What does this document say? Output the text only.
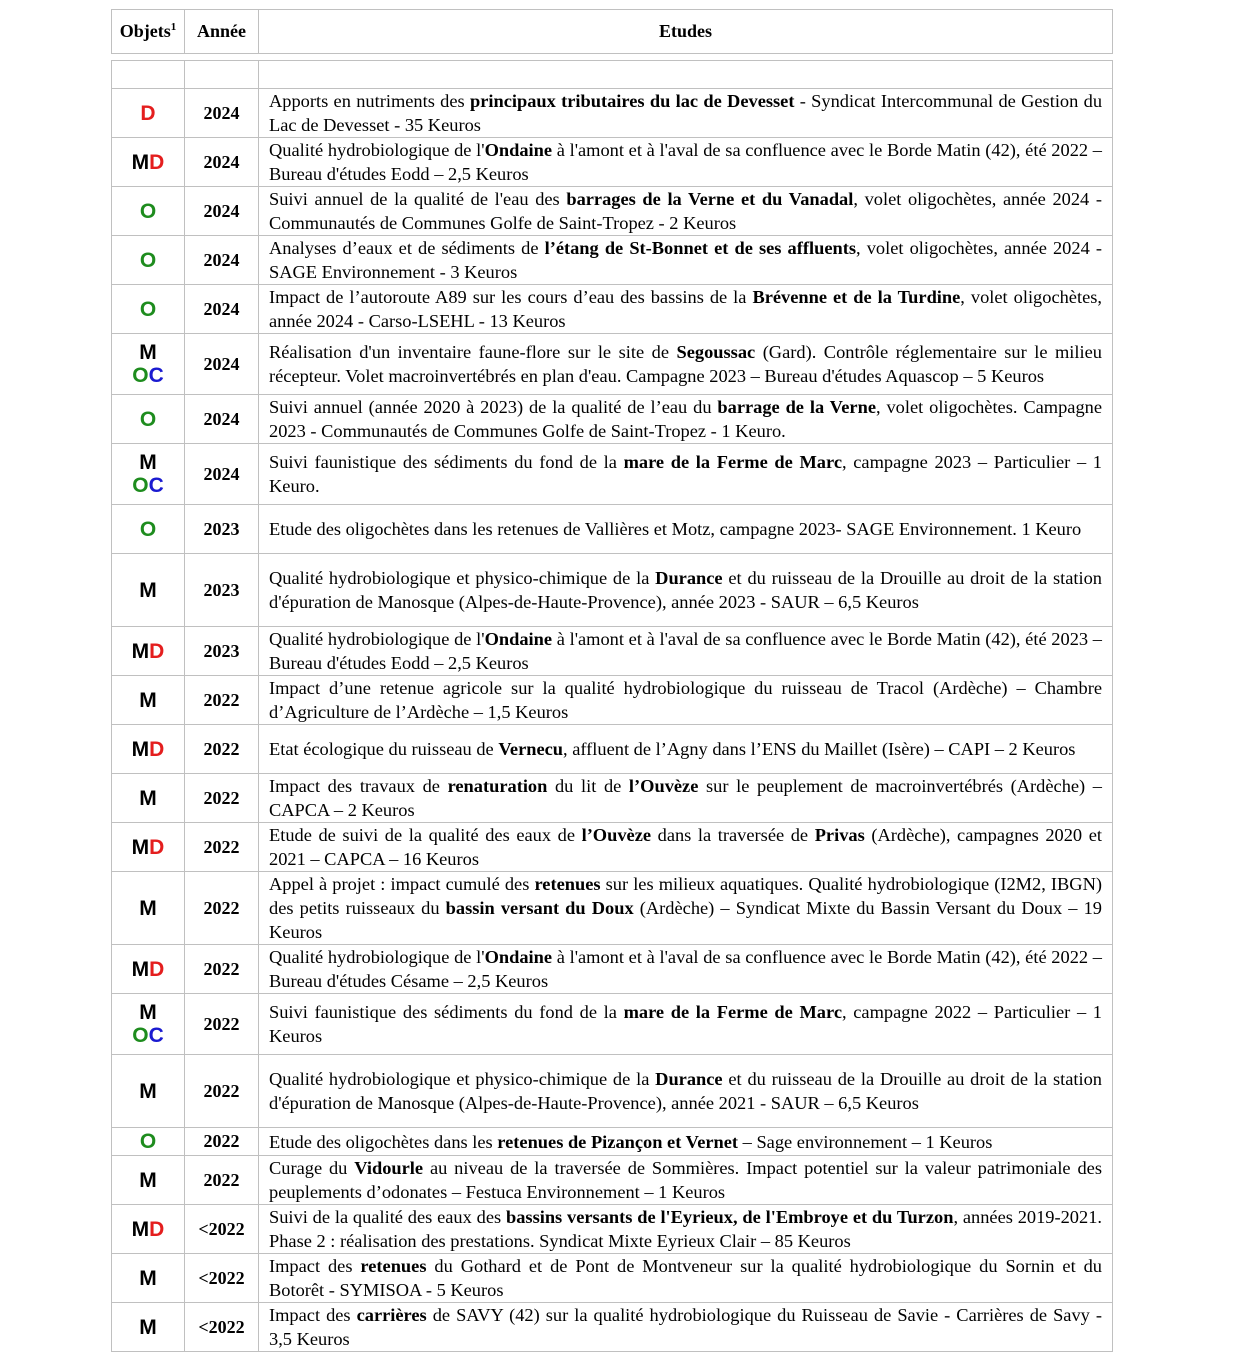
Objets$^1$	Année	Etudes

D	2024	Apports en nutriments des principaux tributaires du lac de Devesset - Syndicat Intercommunal de Gestion du Lac de Devesset - 35 Keuros

MD	2024	Qualité hydrobiologique de l'Ondaine à l'amont et à l'aval de sa confluence avec le Borde Matin (42), été 2022 – Bureau d'études Eodd – 2,5 Keuros

O	2024	Suivi annuel de la qualité de l'eau des barrages de la Verne et du Vanadal, volet oligochètes, année 2024 - Communautés de Communes Golfe de Saint-Tropez - 2 Keuros

O	2024	Analyses d’eaux et de sédiments de l’étang de St-Bonnet et de ses affluents, volet oligochètes, année 2024 - SAGE Environnement - 3 Keuros

O	2024	Impact de l’autoroute A89 sur les cours d’eau des bassins de la Brévenne et de la Turdine, volet oligochètes, année 2024 - Carso-LSEHL - 13 Keuros

M
OC	2024	Réalisation d'un inventaire faune-flore sur le site de Segoussac (Gard). Contrôle réglementaire sur le milieu récepteur. Volet macroinvertébrés en plan d'eau. Campagne 2023 – Bureau d'études Aquascop – 5 Keuros

O	2024	Suivi annuel (année 2020 à 2023) de la qualité de l’eau du barrage de la Verne, volet oligochètes. Campagne 2023 - Communautés de Communes Golfe de Saint-Tropez - 1 Keuro.

M
OC	2024	Suivi faunistique des sédiments du fond de la mare de la Ferme de Marc, campagne 2023 – Particulier – 1 Keuro.

O	2023	Etude des oligochètes dans les retenues de Vallières et Motz, campagne 2023- SAGE Environnement. 1 Keuro

M	2023	Qualité hydrobiologique et physico-chimique de la Durance et du ruisseau de la Drouille au droit de la station d'épuration de Manosque (Alpes-de-Haute-Provence), année 2023 - SAUR – 6,5 Keuros

MD	2023	Qualité hydrobiologique de l'Ondaine à l'amont et à l'aval de sa confluence avec le Borde Matin (42), été 2023 – Bureau d'études Eodd – 2,5 Keuros

M	2022	Impact d’une retenue agricole sur la qualité hydrobiologique du ruisseau de Tracol (Ardèche) – Chambre d’Agriculture de l’Ardèche – 1,5 Keuros

MD	2022	Etat écologique du ruisseau de Vernecu, affluent de l’Agny dans l’ENS du Maillet (Isère) – CAPI – 2 Keuros

M	2022	Impact des travaux de renaturation du lit de l’Ouvèze sur le peuplement de macroinvertébrés (Ardèche) – CAPCA – 2 Keuros

MD	2022	Etude de suivi de la qualité des eaux de l’Ouvèze dans la traversée de Privas (Ardèche), campagnes 2020 et 2021 – CAPCA – 16 Keuros

M	2022	Appel à projet : impact cumulé des retenues sur les milieux aquatiques. Qualité hydrobiologique (I2M2, IBGN) des petits ruisseaux du bassin versant du Doux (Ardèche) – Syndicat Mixte du Bassin Versant du Doux – 19 Keuros

MD	2022	Qualité hydrobiologique de l'Ondaine à l'amont et à l'aval de sa confluence avec le Borde Matin (42), été 2022 – Bureau d'études Césame – 2,5 Keuros

M
OC	2022	Suivi faunistique des sédiments du fond de la mare de la Ferme de Marc, campagne 2022 – Particulier – 1 Keuros

M	2022	Qualité hydrobiologique et physico-chimique de la Durance et du ruisseau de la Drouille au droit de la station d'épuration de Manosque (Alpes-de-Haute-Provence), année 2021 - SAUR – 6,5 Keuros

O	2022	Etude des oligochètes dans les retenues de Pizançon et Vernet – Sage environnement – 1 Keuros

M	2022	Curage du Vidourle au niveau de la traversée de Sommières. Impact potentiel sur la valeur patrimoniale des peuplements d’odonates – Festuca Environnement – 1 Keuros

MD	<2022	Suivi de la qualité des eaux des bassins versants de l'Eyrieux, de l'Embroye et du Turzon, années 2019-2021. Phase 2 : réalisation des prestations. Syndicat Mixte Eyrieux Clair – 85 Keuros

M	<2022	Impact des retenues du Gothard et de Pont de Montveneur sur la qualité hydrobiologique du Sornin et du Botorêt - SYMISOA - 5 Keuros

M	<2022	Impact des carrières de SAVY (42) sur la qualité hydrobiologique du Ruisseau de Savie - Carrières de Savy - 3,5 Keuros
